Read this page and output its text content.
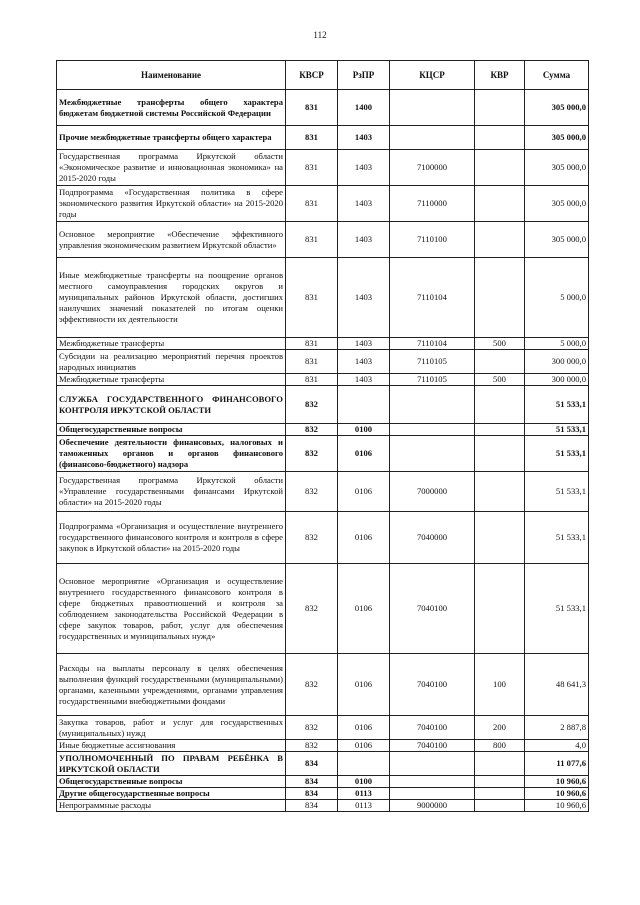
112
Наименование	КВСР	РзПР	КЦСР	КВР	Сумма
Межбюджетные трансферты общего характера бюджетам бюджетной системы Российской Федерации	831	1400			305 000,0
Прочие межбюджетные трансферты общего характера	831	1403			305 000,0
Государственная программа Иркутской области «Экономическое развитие и инновационная экономика» на 2015-2020 годы	831	1403	7100000		305 000,0
Подпрограмма «Государственная политика в сфере экономического развития Иркутской области» на 2015-2020 годы	831	1403	7110000		305 000,0
Основное мероприятие «Обеспечение эффективного управления экономическим развитием Иркутской области»	831	1403	7110100		305 000,0
Иные межбюджетные трансферты на поощрение органов местного самоуправления городских округов и муниципальных районов Иркутской области, достигших наилучших значений показателей по итогам оценки эффективности их деятельности	831	1403	7110104		5 000,0
Межбюджетные трансферты	831	1403	7110104	500	5 000,0
Субсидии на реализацию мероприятий перечня проектов народных инициатив	831	1403	7110105		300 000,0
Межбюджетные трансферты	831	1403	7110105	500	300 000,0
СЛУЖБА ГОСУДАРСТВЕННОГО ФИНАНСОВОГО КОНТРОЛЯ ИРКУТСКОЙ ОБЛАСТИ	832				51 533,1
Общегосударственные вопросы	832	0100			51 533,1
Обеспечение деятельности финансовых, налоговых и таможенных органов и органов финансового (финансово-бюджетного) надзора	832	0106			51 533,1
Государственная программа Иркутской области «Управление государственными финансами Иркутской области» на 2015-2020 годы	832	0106	7000000		51 533,1
Подпрограмма «Организация и осуществление внутреннего государственного финансового контроля и контроля в сфере закупок в Иркутской области» на 2015-2020 годы	832	0106	7040000		51 533,1
Основное мероприятие «Организация и осуществление внутреннего государственного финансового контроля в сфере бюджетных правоотношений и контроля за соблюдением законодательства Российской Федерации в сфере закупок товаров, работ, услуг для обеспечения государственных и муниципальных нужд»	832	0106	7040100		51 533,1
Расходы на выплаты персоналу в целях обеспечения выполнения функций государственными (муниципальными) органами, казенными учреждениями, органами управления государственными внебюджетными фондами	832	0106	7040100	100	48 641,3
Закупка товаров, работ и услуг для государственных (муниципальных) нужд	832	0106	7040100	200	2 887,8
Иные бюджетные ассигнования	832	0106	7040100	800	4,0
УПОЛНОМОЧЕННЫЙ ПО ПРАВАМ РЕБЁНКА В ИРКУТСКОЙ ОБЛАСТИ	834				11 077,6
Общегосударственные вопросы	834	0100			10 960,6
Другие общегосударственные вопросы	834	0113			10 960,6
Непрограммные расходы	834	0113	9000000		10 960,6
